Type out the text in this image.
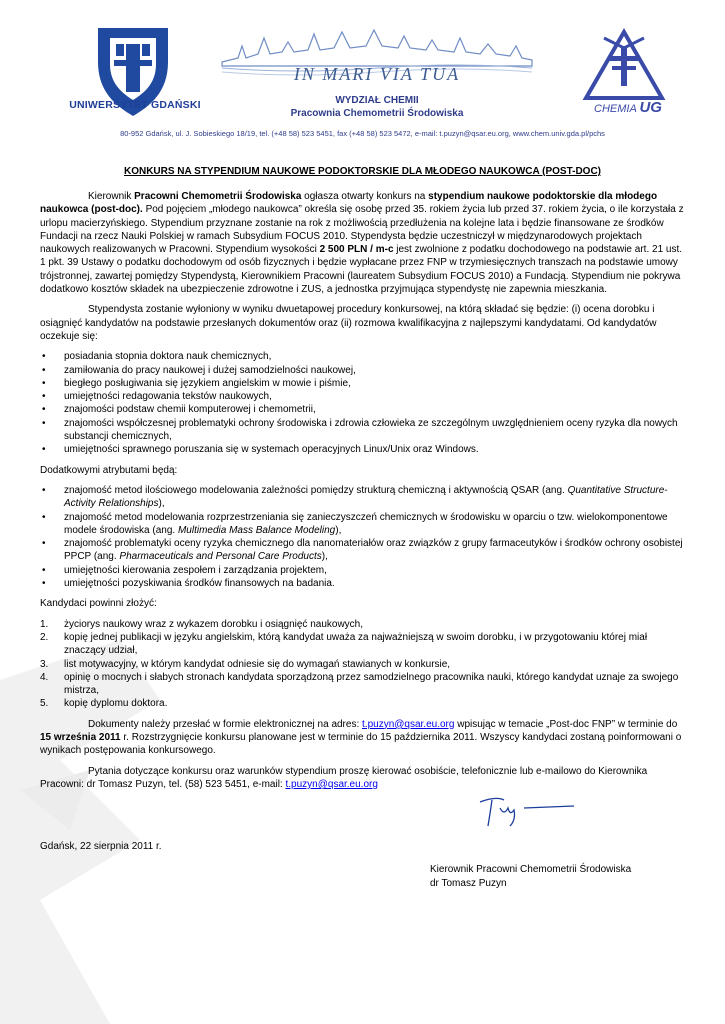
UNIWERSYTET GDAŃSKI
IN MARI VIA TUA
WYDZIAŁ CHEMII
Pracownia Chemometrii Środowiska	CHEMIA UG
80-952 Gdańsk, ul. J. Sobieskiego 18/19, tel. (+48 58) 523 5451, fax (+48 58) 523 5472, e-mail: t.puzyn@qsar.eu.org, www.chem.univ.gda.pl/pchs
KONKURS NA STYPENDIUM NAUKOWE PODOKTORSKIE DLA MŁODEGO NAUKOWCA (POST-DOC)

Kierownik Pracowni Chemometrii Środowiska ogłasza otwarty konkurs na stypendium naukowe podoktorskie dla młodego naukowca (post-doc). Pod pojęciem „młodego naukowca” określa się osobę przed 35. rokiem życia lub przed 37. rokiem życia, o ile korzystała z urlopu macierzyńskiego. Stypendium przyznane zostanie na rok z możliwością przedłużenia na kolejne lata i będzie finansowane ze środków Fundacji na rzecz Nauki Polskiej w ramach Subsydium FOCUS 2010. Stypendysta będzie uczestniczył w międzynarodowych projektach naukowych realizowanych w Pracowni. Stypendium wysokości 2 500 PLN / m-c jest zwolnione z podatku dochodowego na podstawie art. 21 ust. 1 pkt. 39 Ustawy o podatku dochodowym od osób fizycznych i będzie wypłacane przez FNP w trzymiesięcznych transzach na podstawie umowy trójstronnej, zawartej pomiędzy Stypendystą, Kierownikiem Pracowni (laureatem Subsydium FOCUS 2010) a Fundacją. Stypendium nie pokrywa dodatkowo kosztów składek na ubezpieczenie zdrowotne i ZUS, a jednostka przyjmująca stypendystę nie zapewnia mieszkania.

Stypendysta zostanie wyłoniony w wyniku dwuetapowej procedury konkursowej, na którą składać się będzie: (i) ocena dorobku i osiągnięć kandydatów na podstawie przesłanych dokumentów oraz (ii) rozmowa kwalifikacyjna z najlepszymi kandydatami. Od kandydatów oczekuje się:

• posiadania stopnia doktora nauk chemicznych,
• zamiłowania do pracy naukowej i dużej samodzielności naukowej,
• biegłego posługiwania się językiem angielskim w mowie i piśmie,
• umiejętności redagowania tekstów naukowych,
• znajomości podstaw chemii komputerowej i chemometrii,
• znajomości współczesnej problematyki ochrony środowiska i zdrowia człowieka ze szczególnym uwzględnieniem oceny ryzyka dla nowych substancji chemicznych,
• umiejętności sprawnego poruszania się w systemach operacyjnych Linux/Unix oraz Windows.

Dodatkowymi atrybutami będą:

• znajomość metod ilościowego modelowania zależności pomiędzy strukturą chemiczną i aktywnością QSAR (ang. Quantitative Structure-Activity Relationships),
• znajomość metod modelowania rozprzestrzeniania się zanieczyszczeń chemicznych w środowisku w oparciu o tzw. wielokomponentowe modele środowiska (ang. Multimedia Mass Balance Modeling),
• znajomość problematyki oceny ryzyka chemicznego dla nanomateriałów oraz związków z grupy farmaceutyków i środków ochrony osobistej PPCP (ang. Pharmaceuticals and Personal Care Products),
• umiejętności kierowania zespołem i zarządzania projektem,
• umiejętności pozyskiwania środków finansowych na badania.

Kandydaci powinni złożyć:

1. życiorys naukowy wraz z wykazem dorobku i osiągnięć naukowych,
2. kopię jednej publikacji w języku angielskim, którą kandydat uważa za najważniejszą w swoim dorobku, i w przygotowaniu której miał znaczący udział,
3. list motywacyjny, w którym kandydat odniesie się do wymagań stawianych w konkursie,
4. opinię o mocnych i słabych stronach kandydata sporządzoną przez samodzielnego pracownika nauki, którego kandydat uznaje za swojego mistrza,
5. kopię dyplomu doktora.

Dokumenty należy przesłać w formie elektronicznej na adres: t.puzyn@qsar.eu.org wpisując w temacie „Post-doc FNP” w terminie do 15 września 2011 r. Rozstrzygnięcie konkursu planowane jest w terminie do 15 października 2011. Wszyscy kandydaci zostaną poinformowani o wynikach postępowania konkursowego.

Pytania dotyczące konkursu oraz warunków stypendium proszę kierować osobiście, telefonicznie lub e-mailowo do Kierownika Pracowni: dr Tomasz Puzyn, tel. (58) 523 5451, e-mail: t.puzyn@qsar.eu.org

Gdańsk, 22 sierpnia 2011 r.
Kierownik Pracowni Chemometrii Środowiska
dr Tomasz Puzyn
